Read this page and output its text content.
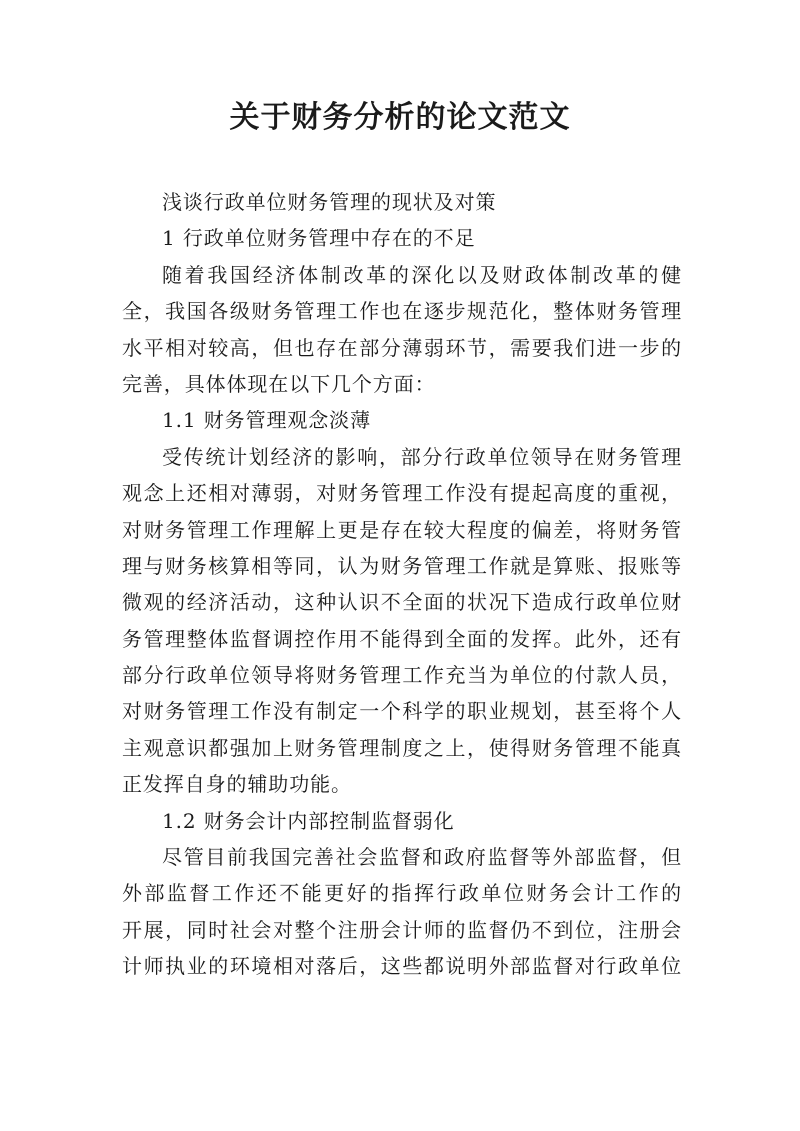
关于财务分析的论文范文
浅谈行政单位财务管理的现状及对策
1 行政单位财务管理中存在的不足
随着我国经济体制改革的深化以及财政体制改革的健
全，我国各级财务管理工作也在逐步规范化，整体财务管理
水平相对较高，但也存在部分薄弱环节，需要我们进一步的
完善，具体体现在以下几个方面：
1.1 财务管理观念淡薄
受传统计划经济的影响，部分行政单位领导在财务管理
观念上还相对薄弱，对财务管理工作没有提起高度的重视，
对财务管理工作理解上更是存在较大程度的偏差，将财务管
理与财务核算相等同，认为财务管理工作就是算账、报账等
微观的经济活动，这种认识不全面的状况下造成行政单位财
务管理整体监督调控作用不能得到全面的发挥。此外，还有
部分行政单位领导将财务管理工作充当为单位的付款人员，
对财务管理工作没有制定一个科学的职业规划，甚至将个人
主观意识都强加上财务管理制度之上，使得财务管理不能真
正发挥自身的辅助功能。
1.2 财务会计内部控制监督弱化
尽管目前我国完善社会监督和政府监督等外部监督，但
外部监督工作还不能更好的指挥行政单位财务会计工作的
开展，同时社会对整个注册会计师的监督仍不到位，注册会
计师执业的环境相对落后，这些都说明外部监督对行政单位
